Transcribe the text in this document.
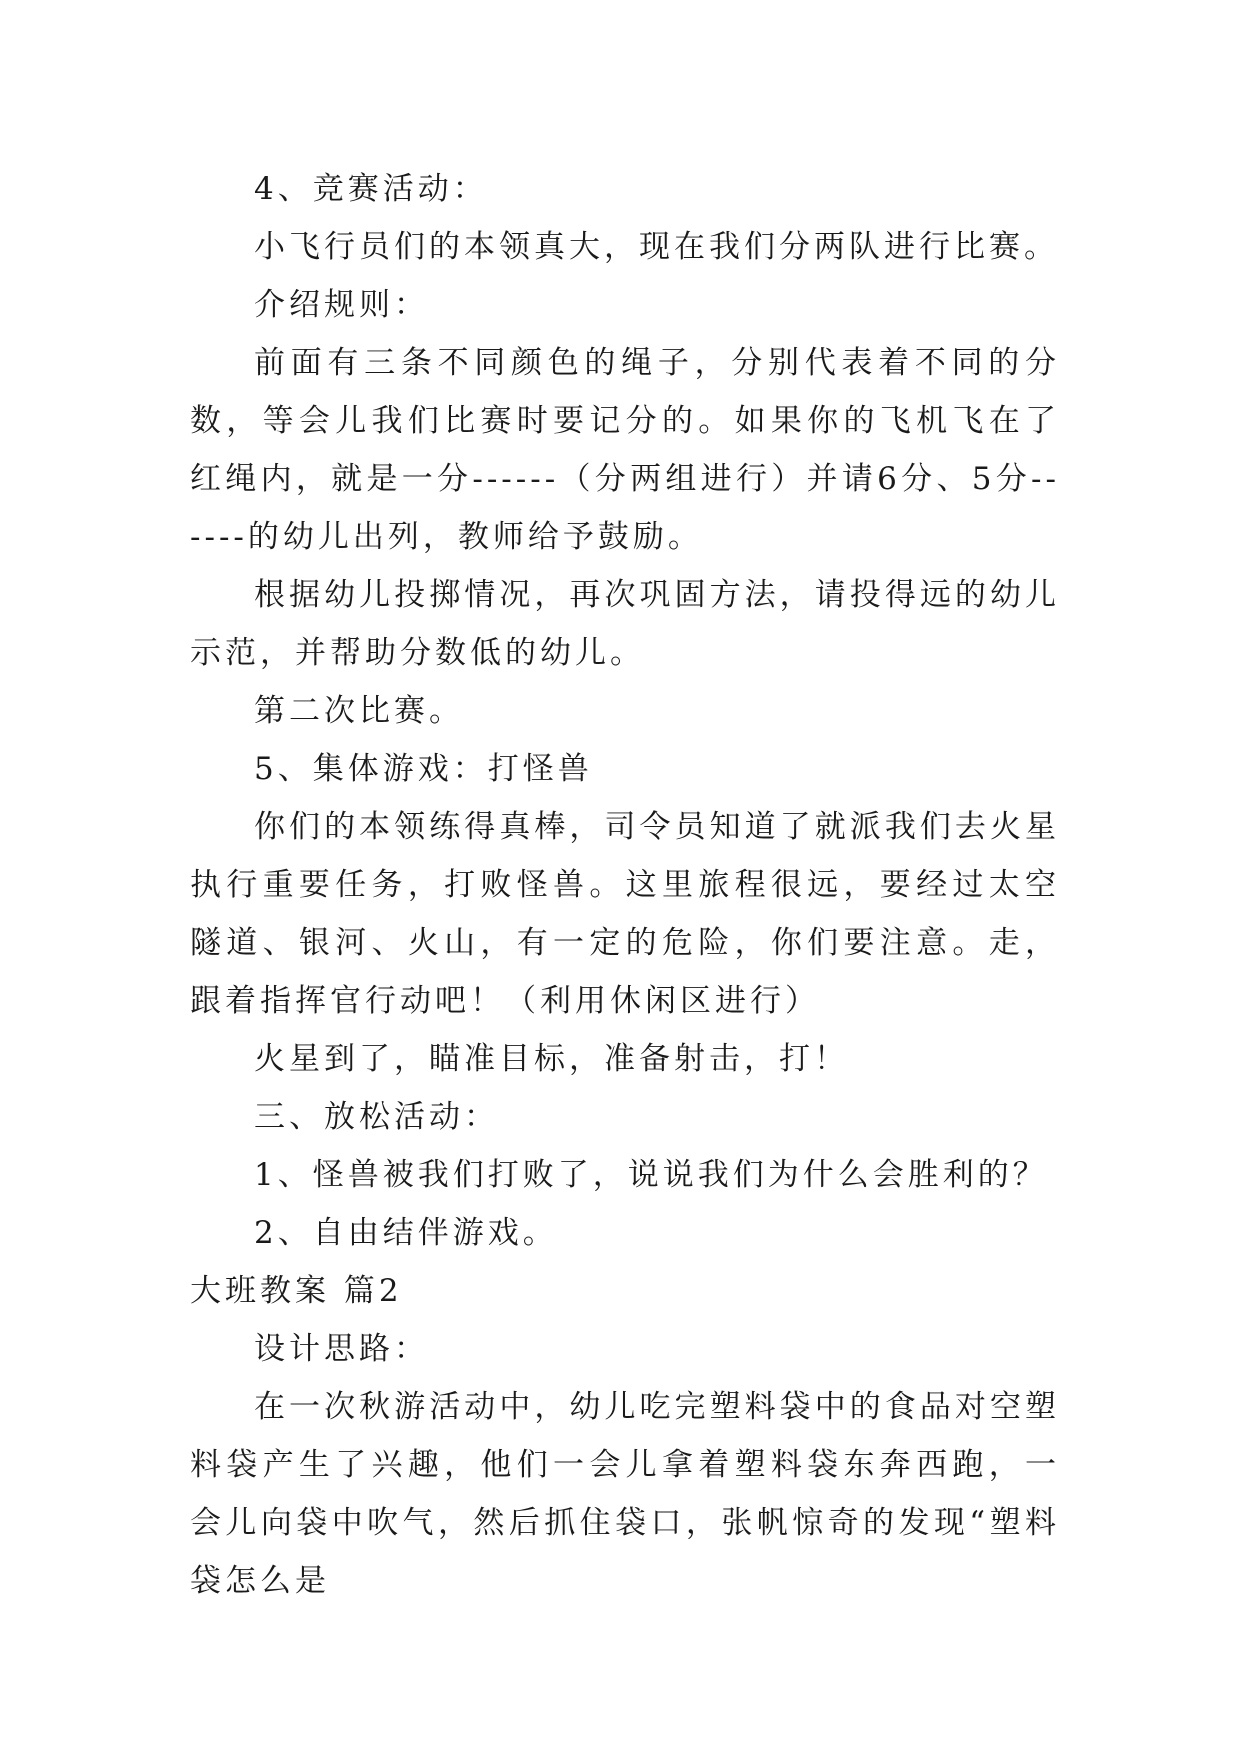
4、竞赛活动：

小飞行员们的本领真大，现在我们分两队进行比赛。

介绍规则：

前面有三条不同颜色的绳子，分别代表着不同的分数，等会儿我们比赛时要记分的。如果你的飞机飞在了红绳内，就是一分------（分两组进行）并请6分、5分------的幼儿出列，教师给予鼓励。

根据幼儿投掷情况，再次巩固方法，请投得远的幼儿示范，并帮助分数低的幼儿。

第二次比赛。

5、集体游戏：打怪兽

你们的本领练得真棒，司令员知道了就派我们去火星执行重要任务，打败怪兽。这里旅程很远，要经过太空隧道、银河、火山，有一定的危险，你们要注意。走，跟着指挥官行动吧！（利用休闲区进行）

火星到了，瞄准目标，准备射击，打！

三、放松活动：

1、怪兽被我们打败了，说说我们为什么会胜利的？

2、自由结伴游戏。

大班教案 篇2

设计思路：

在一次秋游活动中，幼儿吃完塑料袋中的食品对空塑料袋产生了兴趣，他们一会儿拿着塑料袋东奔西跑，一会儿向袋中吹气，然后抓住袋口，张帆惊奇的发现“塑料袋怎么是
